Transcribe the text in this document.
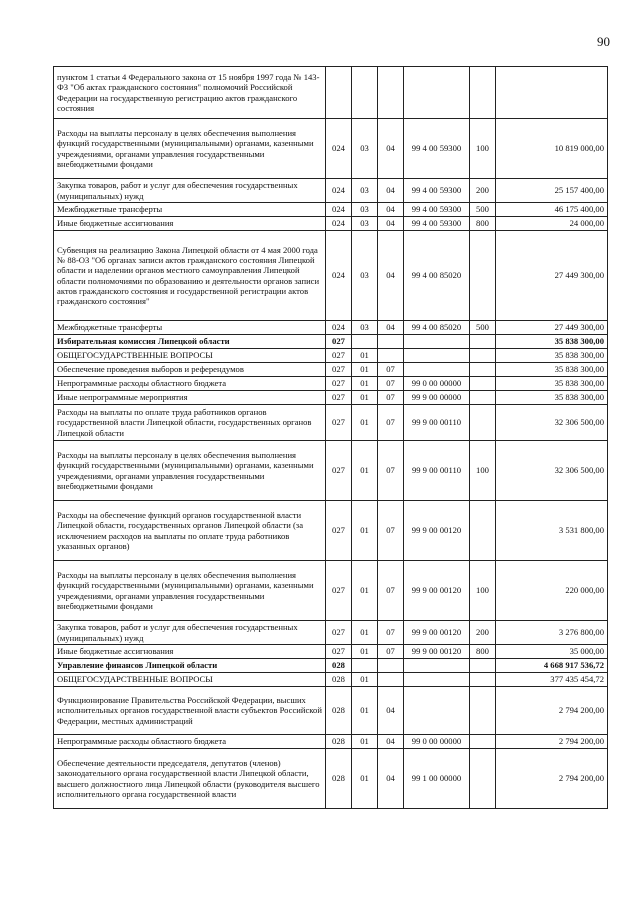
90
пунктом 1 статьи 4 Федерального закона от 15 ноября 1997 года № 143-ФЗ "Об актах гражданского состояния" полномочий Российской Федерации на государственную регистрацию актов гражданского состояния						
Расходы на выплаты персоналу в целях обеспечения выполнения функций государственными (муниципальными) органами, казенными учреждениями, органами управления государственными внебюджетными фондами	024	03	04	99 4 00 59300	100	10 819 000,00
Закупка товаров, работ и услуг для обеспечения государственных (муниципальных) нужд	024	03	04	99 4 00 59300	200	25 157 400,00
Межбюджетные трансферты	024	03	04	99 4 00 59300	500	46 175 400,00
Иные бюджетные ассигнования	024	03	04	99 4 00 59300	800	24 000,00
Субвенция на реализацию Закона Липецкой области от 4 мая 2000 года № 88-ОЗ "Об органах записи актов гражданского состояния Липецкой области и наделении органов местного самоуправления Липецкой области полномочиями по образованию и деятельности органов записи актов гражданского состояния и государственной регистрации актов гражданского состояния"	024	03	04	99 4 00 85020		27 449 300,00
Межбюджетные трансферты	024	03	04	99 4 00 85020	500	27 449 300,00
Избирательная комиссия Липецкой области	027					35 838 300,00
ОБЩЕГОСУДАРСТВЕННЫЕ ВОПРОСЫ	027	01				35 838 300,00
Обеспечение проведения выборов и референдумов	027	01	07			35 838 300,00
Непрограммные расходы областного бюджета	027	01	07	99 0 00 00000		35 838 300,00
Иные непрограммные мероприятия	027	01	07	99 9 00 00000		35 838 300,00
Расходы на выплаты по оплате труда работников органов государственной власти Липецкой области, государственных органов Липецкой области	027	01	07	99 9 00 00110		32 306 500,00
Расходы на выплаты персоналу в целях обеспечения выполнения функций государственными (муниципальными) органами, казенными учреждениями, органами управления государственными внебюджетными фондами	027	01	07	99 9 00 00110	100	32 306 500,00
Расходы на обеспечение функций органов государственной власти Липецкой области, государственных органов Липецкой области (за исключением расходов на выплаты по оплате труда работников указанных органов)	027	01	07	99 9 00 00120		3 531 800,00
Расходы на выплаты персоналу в целях обеспечения выполнения функций государственными (муниципальными) органами, казенными учреждениями, органами управления государственными внебюджетными фондами	027	01	07	99 9 00 00120	100	220 000,00
Закупка товаров, работ и услуг для обеспечения государственных (муниципальных) нужд	027	01	07	99 9 00 00120	200	3 276 800,00
Иные бюджетные ассигнования	027	01	07	99 9 00 00120	800	35 000,00
Управление финансов Липецкой области	028					4 668 917 536,72
ОБЩЕГОСУДАРСТВЕННЫЕ ВОПРОСЫ	028	01				377 435 454,72
Функционирование Правительства Российской Федерации, высших исполнительных органов государственной власти субъектов Российской Федерации, местных администраций	028	01	04			2 794 200,00
Непрограммные расходы областного бюджета	028	01	04	99 0 00 00000		2 794 200,00
Обеспечение деятельности председателя, депутатов (членов) законодательного органа государственной власти Липецкой области, высшего должностного лица Липецкой области (руководителя высшего исполнительного органа государственной власти	028	01	04	99 1 00 00000		2 794 200,00
